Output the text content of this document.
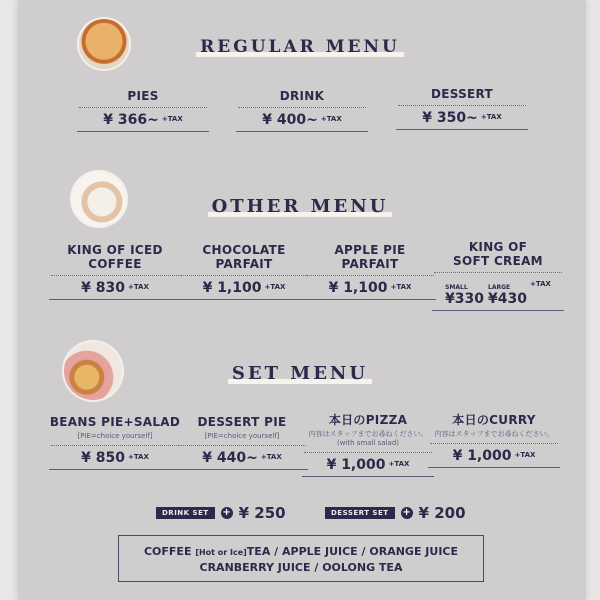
REGULAR MENU
PIES
¥ 366~ $^{+TAX}$
DRINK
¥ 400~ $^{+TAX}$
DESSERT
¥ 350~ $^{+TAX}$
OTHER MENU
KING OF ICED
COFFEE
¥ 830 $^{+TAX}$
CHOCOLATE
PARFAIT
¥ 1,100 $^{+TAX}$
APPLE PIE
PARFAIT
¥ 1,100 $^{+TAX}$
KING OF
SOFT CREAM
SMALL
¥330
LARGE
¥430
$^{+TAX}$
SET MENU
BEANS PIE+SALAD
[PIE=choice yourself]
¥ 850 $^{+TAX}$
DESSERT PIE
[PIE=choice yourself]
¥ 440~ $^{+TAX}$
本日のPIZZA
内容はスタッフまでお尋ねください。
(with small salad)
¥ 1,000 $^{+TAX}$
本日のCURRY
内容はスタッフまでお尋ねください。
¥ 1,000 $^{+TAX}$
DRINK SET	+ ¥ 250	DESSERT SET	+ ¥ 200
COFFEE [Hot or Ice]TEA / APPLE JUICE / ORANGE JUICE
CRANBERRY JUICE / OOLONG TEA
